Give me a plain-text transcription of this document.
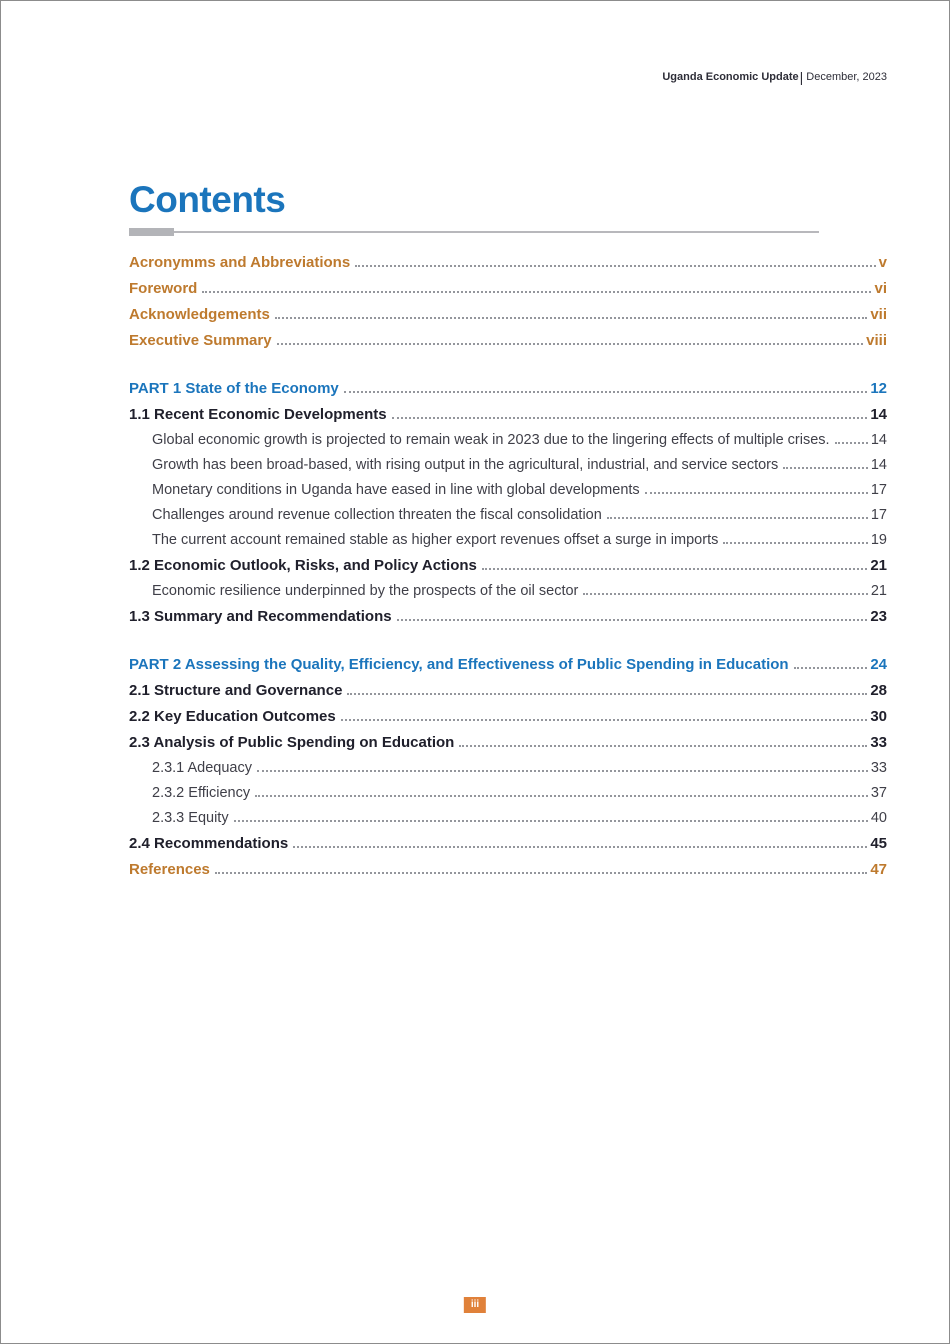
Uganda Economic Update | December, 2023
Contents
Acronymms and Abbreviations	v
Foreword	vi
Acknowledgements	vii
Executive Summary	viii
PART 1 State of the Economy	12
1.1 Recent Economic Developments	14
Global economic growth is projected to remain weak in 2023 due to the lingering effects of multiple crises.	14
Growth has been broad-based, with rising output in the agricultural, industrial, and service sectors	14
Monetary conditions in Uganda have eased in line with global developments	17
Challenges around revenue collection threaten the fiscal consolidation	17
The current account remained stable as higher export revenues offset a surge in imports	19
1.2 Economic Outlook, Risks, and Policy Actions	21
Economic resilience underpinned by the prospects of the oil sector	21
1.3 Summary and Recommendations	23
PART 2 Assessing the Quality, Efficiency, and Effectiveness of Public Spending in Education	24
2.1 Structure and Governance	28
2.2 Key Education Outcomes	30
2.3 Analysis of Public Spending on Education	33
2.3.1 Adequacy	33
2.3.2 Efficiency	37
2.3.3 Equity	40
2.4 Recommendations	45
References	47
iii
